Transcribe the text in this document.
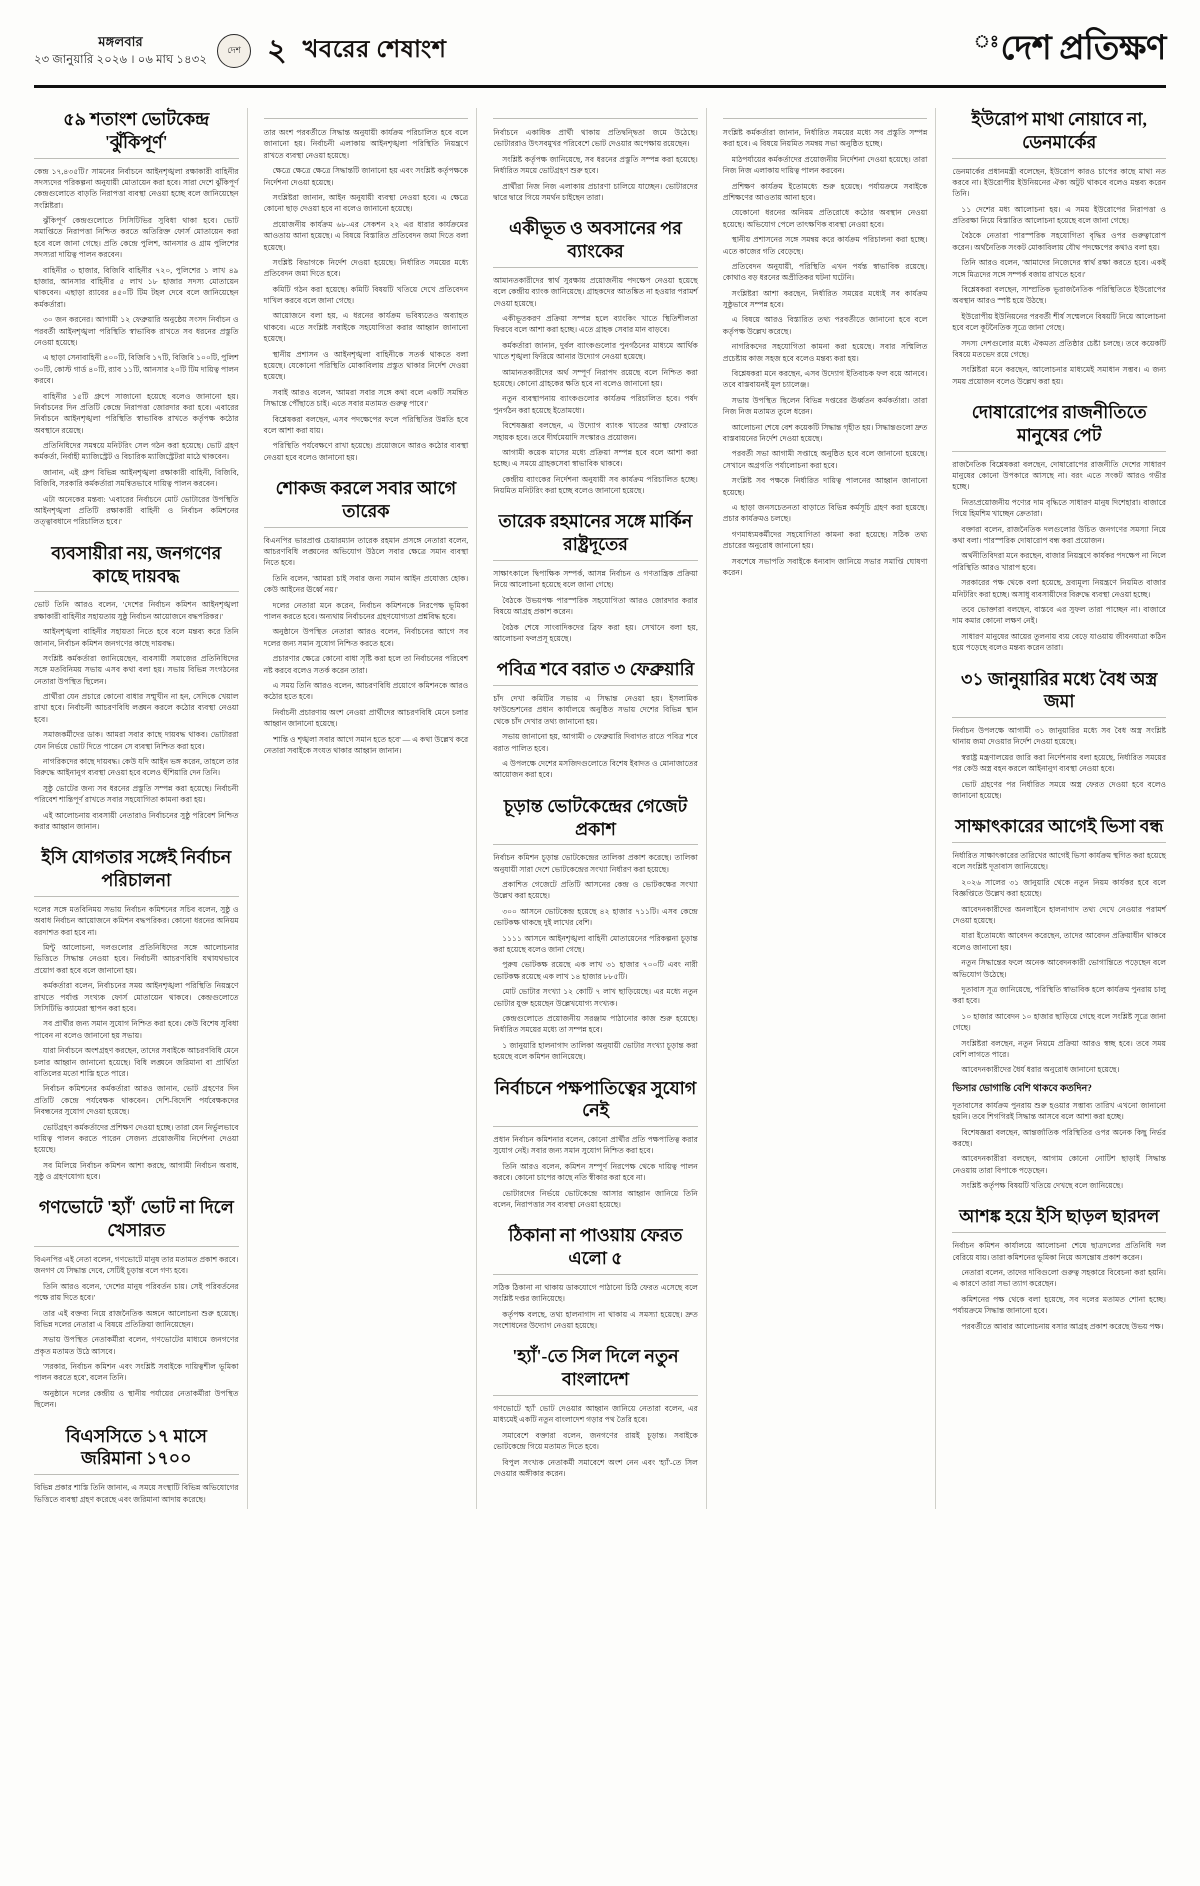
মঙ্গলবার
২৩ জানুয়ারি ২০২৬ । ০৬ মাঘ ১৪৩২
দেশ ২ খবরের শেষাংশ	ঃদেশ প্রতিক্ষণ
৫৯ শতাংশ ভোটকেন্দ্র 'ঝুঁকিপূর্ণ'

কেন্দ্র ১৭,৪৩৫টি।' সামনের নির্বাচনে আইনশৃঙ্খলা রক্ষাকারী বাহিনীর সদস্যদের পরিকল্পনা অনুযায়ী মোতায়েন করা হবে। সারা দেশে ঝুঁকিপূর্ণ কেন্দ্রগুলোতে বাড়তি নিরাপত্তা ব্যবস্থা নেওয়া হচ্ছে বলে জানিয়েছেন সংশ্লিষ্টরা।

ঝুঁকিপূর্ণ কেন্দ্রগুলোতে সিসিটিভির সুবিধা থাকা হবে। ভোট সমাপ্তিতে নিরাপত্তা নিশ্চিত করতে অতিরিক্ত ফোর্স মোতায়েন করা হবে বলে জানা গেছে। প্রতি কেন্দ্রে পুলিশ, আনসার ও গ্রাম পুলিশের সদস্যরা দায়িত্ব পালন করবেন।

বাহিনীর ৩ হাজার, বিজিবি বাহিনীর ৭২০, পুলিশের ১ লাখ ৪৯ হাজার, আনসার বাহিনীর ৫ লাখ ১৮ হাজার সদস্য মোতায়েন থাকবেন। এছাড়া র‌্যাবের ৪৫০টি টিম টহল দেবে বলে জানিয়েছেন কর্মকর্তারা।

৩০ জন করনের। আগামী ১২ ফেব্রুয়ারি অনুষ্ঠেয় সংসদ নির্বাচন ও পরবর্তী আইনশৃঙ্খলা পরিস্থিতি স্বাভাবিক রাখতে সব ধরনের প্রস্তুতি নেওয়া হয়েছে।

এ ছাড়া সেনাবাহিনী ৪০০টি, বিজিবি ১৭টি, বিজিবি ১০০টি, পুলিশ ৩০টি, কোস্ট গার্ড ৪০টি, র‌্যাব ১১টি, আনসার ২০টি টিম দায়িত্ব পালন করবে।

বাহিনীর ১৫টি গ্রুপে সাজানো হয়েছে বলেও জানানো হয়। নির্বাচনের দিন প্রতিটি কেন্দ্রে নিরাপত্তা জোরদার করা হবে। এবারের নির্বাচনে আইনশৃঙ্খলা পরিস্থিতি স্বাভাবিক রাখতে কর্তৃপক্ষ কঠোর অবস্থানে রয়েছে।

প্রতিনিধিদের সমন্বয়ে মনিটরিং সেল গঠন করা হয়েছে। ভোট গ্রহণ কর্মকর্তা, নির্বাহী ম্যাজিস্ট্রেট ও বিচারিক ম্যাজিস্ট্রেটরা মাঠে থাকবেন।

জানান, এই গ্রুপ বিভিন্ন আইনশৃঙ্খলা রক্ষাকারী বাহিনী, বিজিবি, বিজিবি, সরকারি কর্মকর্তারা সমন্বিতভাবে দায়িত্ব পালন করবেন।

এটা অনেকের মন্তব্য: 'এবারের নির্বাচনে মোট ভোটারের উপস্থিতি আইনশৃঙ্খলা প্রতিটি রক্ষাকারী বাহিনী ও নির্বাচন কমিশনের তত্ত্বাবধানে পরিচালিত হবে।'

ব্যবসায়ীরা নয়, জনগণের কাছে দায়বদ্ধ

ভোট তিনি আরও বলেন, 'দেশের নির্বাচন কমিশন আইনশৃঙ্খলা রক্ষাকারী বাহিনীর সহায়তায় সুষ্ঠু নির্বাচন আয়োজনে বদ্ধপরিকর।'

আইনশৃঙ্খলা বাহিনীর সহায়তা নিতে হবে বলে মন্তব্য করে তিনি জানান, নির্বাচন কমিশন জনগণের কাছে দায়বদ্ধ।

সংশ্লিষ্ট কর্মকর্তারা জানিয়েছেন, ব্যবসায়ী সমাজের প্রতিনিধিদের সঙ্গে মতবিনিময় সভায় এসব কথা বলা হয়। সভায় বিভিন্ন সংগঠনের নেতারা উপস্থিত ছিলেন।

প্রার্থীরা যেন প্রচারে কোনো বাধার সম্মুখীন না হন, সেদিকে খেয়াল রাখা হবে। নির্বাচনী আচরণবিধি লঙ্ঘন করলে কঠোর ব্যবস্থা নেওয়া হবে।

সমাজকর্মীদের ডাক। আমরা সবার কাছে দায়বদ্ধ থাকব। ভোটাররা যেন নির্ভয়ে ভোট দিতে পারেন সে ব্যবস্থা নিশ্চিত করা হবে।

নাগরিকদের কাছে দায়বদ্ধ। কেউ যদি আইন ভঙ্গ করেন, তাহলে তার বিরুদ্ধে আইনানুগ ব্যবস্থা নেওয়া হবে বলেও হুঁশিয়ারি দেন তিনি।

সুষ্ঠু ভোটের জন্য সব ধরনের প্রস্তুতি সম্পন্ন করা হয়েছে। নির্বাচনী পরিবেশ শান্তিপূর্ণ রাখতে সবার সহযোগিতা কামনা করা হয়।

এই আলোচনায় ব্যবসায়ী নেতারাও নির্বাচনের সুষ্ঠু পরিবেশ নিশ্চিত করার আহ্বান জানান।

ইসি যোগতার সঙ্গেই নির্বাচন পরিচালনা

দলের সঙ্গে মতবিনিময় সভায় নির্বাচন কমিশনের সচিব বলেন, সুষ্ঠু ও অবাধ নির্বাচন আয়োজনে কমিশন বদ্ধপরিকর। কোনো ধরনের অনিয়ম বরদাশত করা হবে না।

মিন্টু আলোচনা, দলগুলোর প্রতিনিধিদের সঙ্গে আলোচনার ভিত্তিতে সিদ্ধান্ত নেওয়া হবে। নির্বাচনী আচরণবিধি যথাযথভাবে প্রয়োগ করা হবে বলে জানানো হয়।

কর্মকর্তারা বলেন, নির্বাচনের সময় আইনশৃঙ্খলা পরিস্থিতি নিয়ন্ত্রণে রাখতে পর্যাপ্ত সংখ্যক ফোর্স মোতায়েন থাকবে। কেন্দ্রগুলোতে সিসিটিভি ক্যামেরা স্থাপন করা হবে।

সব প্রার্থীর জন্য সমান সুযোগ নিশ্চিত করা হবে। কেউ বিশেষ সুবিধা পাবেন না বলেও জানানো হয় সভায়।

যারা নির্বাচনে অংশগ্রহণ করছেন, তাদের সবাইকে আচরণবিধি মেনে চলার আহ্বান জানানো হয়েছে। বিধি লঙ্ঘনে জরিমানা বা প্রার্থিতা বাতিলের মতো শাস্তি হতে পারে।

নির্বাচন কমিশনের কর্মকর্তারা আরও জানান, ভোট গ্রহণের দিন প্রতিটি কেন্দ্রে পর্যবেক্ষক থাকবেন। দেশি-বিদেশি পর্যবেক্ষকদের নিবন্ধনের সুযোগ দেওয়া হয়েছে।

ভোটগ্রহণ কর্মকর্তাদের প্রশিক্ষণ দেওয়া হচ্ছে। তারা যেন নির্ভুলভাবে দায়িত্ব পালন করতে পারেন সেজন্য প্রয়োজনীয় নির্দেশনা দেওয়া হয়েছে।

সব মিলিয়ে নির্বাচন কমিশন আশা করছে, আগামী নির্বাচন অবাধ, সুষ্ঠু ও গ্রহণযোগ্য হবে।

গণভোটে 'হ্যাঁ' ভোট না দিলে খেসারত

বিএনপির এই নেতা বলেন, গণভোটে মানুষ তার মতামত প্রকাশ করবে। জনগণ যে সিদ্ধান্ত দেবে, সেটিই চূড়ান্ত বলে গণ্য হবে।

তিনি আরও বলেন, 'দেশের মানুষ পরিবর্তন চায়। সেই পরিবর্তনের পক্ষে রায় দিতে হবে।'

তার এই বক্তব্য নিয়ে রাজনৈতিক অঙ্গনে আলোচনা শুরু হয়েছে। বিভিন্ন দলের নেতারা এ বিষয়ে প্রতিক্রিয়া জানিয়েছেন।

সভায় উপস্থিত নেতাকর্মীরা বলেন, গণভোটের মাধ্যমে জনগণের প্রকৃত মতামত উঠে আসবে।

'সরকার, নির্বাচন কমিশন এবং সংশ্লিষ্ট সবাইকে দায়িত্বশীল ভূমিকা পালন করতে হবে', বলেন তিনি।

অনুষ্ঠানে দলের কেন্দ্রীয় ও স্থানীয় পর্যায়ের নেতাকর্মীরা উপস্থিত ছিলেন।

বিএসসিতে ১৭ মাসে জরিমানা ১৭০০

বিভিন্ন প্রকার শাস্তি তিনি জানান, এ সময়ে সংস্থাটি বিভিন্ন অভিযোগের ভিত্তিতে ব্যবস্থা গ্রহণ করেছে এবং জরিমানা আদায় করেছে।

তার অংশ পরবর্তীতে সিদ্ধান্ত অনুযায়ী কার্যক্রম পরিচালিত হবে বলে জানানো হয়। নির্বাচনী এলাকায় আইনশৃঙ্খলা পরিস্থিতি নিয়ন্ত্রণে রাখতে ব্যবস্থা নেওয়া হয়েছে।

ক্ষেত্রে ক্ষেত্রে ক্ষেত্রে সিদ্ধান্তটি জানানো হয় এবং সংশ্লিষ্ট কর্তৃপক্ষকে নির্দেশনা দেওয়া হয়েছে।

সংশ্লিষ্টরা জানান, আইন অনুযায়ী ব্যবস্থা নেওয়া হবে। এ ক্ষেত্রে কোনো ছাড় দেওয়া হবে না বলেও জানানো হয়েছে।

প্রয়োজনীয় কার্যক্রম ৬৮-এর সেকশন ২২ এর ধারার কার্যক্রমের আওতায় আনা হয়েছে। এ বিষয়ে বিস্তারিত প্রতিবেদন জমা দিতে বলা হয়েছে।

সংশ্লিষ্ট বিভাগকে নির্দেশ দেওয়া হয়েছে। নির্ধারিত সময়ের মধ্যে প্রতিবেদন জমা দিতে হবে।

কমিটি গঠন করা হয়েছে। কমিটি বিষয়টি খতিয়ে দেখে প্রতিবেদন দাখিল করবে বলে জানা গেছে।

আয়োজনে বলা হয়, এ ধরনের কার্যক্রম ভবিষ্যতেও অব্যাহত থাকবে। এতে সংশ্লিষ্ট সবাইকে সহযোগিতা করার আহ্বান জানানো হয়েছে।

স্থানীয় প্রশাসন ও আইনশৃঙ্খলা বাহিনীকে সতর্ক থাকতে বলা হয়েছে। যেকোনো পরিস্থিতি মোকাবিলায় প্রস্তুত থাকার নির্দেশ দেওয়া হয়েছে।

সবাই আরও বলেন, 'আমরা সবার সঙ্গে কথা বলে একটি সমন্বিত সিদ্ধান্তে পৌঁছাতে চাই। এতে সবার মতামত গুরুত্ব পাবে।'

বিশ্লেষকরা বলছেন, এসব পদক্ষেপের ফলে পরিস্থিতির উন্নতি হবে বলে আশা করা যায়।

পরিস্থিতি পর্যবেক্ষণে রাখা হয়েছে। প্রয়োজনে আরও কঠোর ব্যবস্থা নেওয়া হবে বলেও জানানো হয়।

শোকজ করলে সবার আগে তারেক

বিএনপির ভারপ্রাপ্ত চেয়ারম্যান তারেক রহমান প্রসঙ্গে নেতারা বলেন, আচরণবিধি লঙ্ঘনের অভিযোগ উঠলে সবার ক্ষেত্রে সমান ব্যবস্থা নিতে হবে।

তিনি বলেন, 'আমরা চাই সবার জন্য সমান আইন প্রযোজ্য হোক। কেউ আইনের ঊর্ধ্বে নয়।'

দলের নেতারা মনে করেন, নির্বাচন কমিশনকে নিরপেক্ষ ভূমিকা পালন করতে হবে। অন্যথায় নির্বাচনের গ্রহণযোগ্যতা প্রশ্নবিদ্ধ হবে।

অনুষ্ঠানে উপস্থিত নেতারা আরও বলেন, নির্বাচনের আগে সব দলের জন্য সমান সুযোগ নিশ্চিত করতে হবে।

প্রচারণার ক্ষেত্রে কোনো বাধা সৃষ্টি করা হলে তা নির্বাচনের পরিবেশ নষ্ট করবে বলেও সতর্ক করেন তারা।

এ সময় তিনি আরও বলেন, আচরণবিধি প্রয়োগে কমিশনকে আরও কঠোর হতে হবে।

নির্বাচনী প্রচারণায় অংশ নেওয়া প্রার্থীদের আচরণবিধি মেনে চলার আহ্বান জানানো হয়েছে।

'শান্তি ও শৃঙ্খলা সবার আগে সমান হতে হবে' — এ কথা উল্লেখ করে নেতারা সবাইকে সংযত থাকার আহ্বান জানান।

নির্বাচনে একাধিক প্রার্থী থাকায় প্রতিদ্বন্দ্বিতা জমে উঠেছে। ভোটাররাও উৎসবমুখর পরিবেশে ভোট দেওয়ার অপেক্ষায় রয়েছেন।

সংশ্লিষ্ট কর্তৃপক্ষ জানিয়েছে, সব ধরনের প্রস্তুতি সম্পন্ন করা হয়েছে। নির্ধারিত সময়ে ভোটগ্রহণ শুরু হবে।

প্রার্থীরা নিজ নিজ এলাকায় প্রচারণা চালিয়ে যাচ্ছেন। ভোটারদের দ্বারে দ্বারে গিয়ে সমর্থন চাইছেন তারা।

একীভূত ও অবসানের পর ব্যাংকের

আমানতকারীদের স্বার্থ সুরক্ষায় প্রয়োজনীয় পদক্ষেপ নেওয়া হয়েছে বলে কেন্দ্রীয় ব্যাংক জানিয়েছে। গ্রাহকদের আতঙ্কিত না হওয়ার পরামর্শ দেওয়া হয়েছে।

একীভূতকরণ প্রক্রিয়া সম্পন্ন হলে ব্যাংকিং খাতে স্থিতিশীলতা ফিরবে বলে আশা করা হচ্ছে। এতে গ্রাহক সেবার মান বাড়বে।

কর্মকর্তারা জানান, দুর্বল ব্যাংকগুলোর পুনর্গঠনের মাধ্যমে আর্থিক খাতে শৃঙ্খলা ফিরিয়ে আনার উদ্যোগ নেওয়া হয়েছে।

আমানতকারীদের অর্থ সম্পূর্ণ নিরাপদ রয়েছে বলে নিশ্চিত করা হয়েছে। কোনো গ্রাহকের ক্ষতি হবে না বলেও জানানো হয়।

নতুন ব্যবস্থাপনায় ব্যাংকগুলোর কার্যক্রম পরিচালিত হবে। পর্ষদ পুনর্গঠন করা হয়েছে ইতোমধ্যে।

বিশেষজ্ঞরা বলছেন, এ উদ্যোগ ব্যাংক খাতের আস্থা ফেরাতে সহায়ক হবে। তবে দীর্ঘমেয়াদি সংস্কারও প্রয়োজন।

আগামী কয়েক মাসের মধ্যে প্রক্রিয়া সম্পন্ন হবে বলে আশা করা হচ্ছে। এ সময়ে গ্রাহকসেবা স্বাভাবিক থাকবে।

কেন্দ্রীয় ব্যাংকের নির্দেশনা অনুযায়ী সব কার্যক্রম পরিচালিত হচ্ছে। নিয়মিত মনিটরিং করা হচ্ছে বলেও জানানো হয়েছে।

তারেক রহমানের সঙ্গে মার্কিন রাষ্ট্রদূতের

সাক্ষাৎকালে দ্বিপাক্ষিক সম্পর্ক, আসন্ন নির্বাচন ও গণতান্ত্রিক প্রক্রিয়া নিয়ে আলোচনা হয়েছে বলে জানা গেছে।

বৈঠকে উভয়পক্ষ পারস্পরিক সহযোগিতা আরও জোরদার করার বিষয়ে আগ্রহ প্রকাশ করেন।

বৈঠক শেষে সাংবাদিকদের ব্রিফ করা হয়। সেখানে বলা হয়, আলোচনা ফলপ্রসূ হয়েছে।

পবিত্র শবে বরাত ৩ ফেব্রুয়ারি

চাঁদ দেখা কমিটির সভায় এ সিদ্ধান্ত নেওয়া হয়। ইসলামিক ফাউন্ডেশনের প্রধান কার্যালয়ে অনুষ্ঠিত সভায় দেশের বিভিন্ন স্থান থেকে চাঁদ দেখার তথ্য জানানো হয়।

সভায় জানানো হয়, আগামী ৩ ফেব্রুয়ারি দিবাগত রাতে পবিত্র শবে বরাত পালিত হবে।

এ উপলক্ষে দেশের মসজিদগুলোতে বিশেষ ইবাদত ও মোনাজাতের আয়োজন করা হবে।

চূড়ান্ত ভোটকেন্দ্রের গেজেট প্রকাশ

নির্বাচন কমিশন চূড়ান্ত ভোটকেন্দ্রের তালিকা প্রকাশ করেছে। তালিকা অনুযায়ী সারা দেশে ভোটকেন্দ্রের সংখ্যা নির্ধারণ করা হয়েছে।

প্রকাশিত গেজেটে প্রতিটি আসনের কেন্দ্র ও ভোটকক্ষের সংখ্যা উল্লেখ করা হয়েছে।

৩০০ আসনে ভোটকেন্দ্র হয়েছে ৪২ হাজার ৭১১টি। এসব কেন্দ্রে ভোটকক্ষ থাকছে দুই লাখের বেশি।

১১১১ আসনে আইনশৃঙ্খলা বাহিনী মোতায়েনের পরিকল্পনা চূড়ান্ত করা হয়েছে বলেও জানা গেছে।

পুরুষ ভোটকক্ষ রয়েছে এক লাখ ৩১ হাজার ৭০০টি এবং নারী ভোটকক্ষ রয়েছে এক লাখ ১৪ হাজার ৮৮৫টি।

মোট ভোটার সংখ্যা ১২ কোটি ৭ লাখ ছাড়িয়েছে। এর মধ্যে নতুন ভোটার যুক্ত হয়েছেন উল্লেখযোগ্য সংখ্যক।

কেন্দ্রগুলোতে প্রয়োজনীয় সরঞ্জাম পাঠানোর কাজ শুরু হয়েছে। নির্ধারিত সময়ের মধ্যে তা সম্পন্ন হবে।

১ জানুয়ারি হালনাগাদ তালিকা অনুযায়ী ভোটার সংখ্যা চূড়ান্ত করা হয়েছে বলে কমিশন জানিয়েছে।

নির্বাচনে পক্ষপাতিত্বের সুযোগ নেই

প্রধান নির্বাচন কমিশনার বলেন, কোনো প্রার্থীর প্রতি পক্ষপাতিত্ব করার সুযোগ নেই। সবার জন্য সমান সুযোগ নিশ্চিত করা হবে।

তিনি আরও বলেন, কমিশন সম্পূর্ণ নিরপেক্ষ থেকে দায়িত্ব পালন করবে। কোনো চাপের কাছে নতি স্বীকার করা হবে না।

ভোটারদের নির্ভয়ে ভোটকেন্দ্রে আসার আহ্বান জানিয়ে তিনি বলেন, নিরাপত্তার সব ব্যবস্থা নেওয়া হয়েছে।

ঠিকানা না পাওয়ায় ফেরত এলো ৫

সঠিক ঠিকানা না থাকায় ডাকযোগে পাঠানো চিঠি ফেরত এসেছে বলে সংশ্লিষ্ট দপ্তর জানিয়েছে।

কর্তৃপক্ষ বলছে, তথ্য হালনাগাদ না থাকায় এ সমস্যা হয়েছে। দ্রুত সংশোধনের উদ্যোগ নেওয়া হয়েছে।

'হ্যাঁ'-তে সিল দিলে নতুন বাংলাদেশ

গণভোটে 'হ্যাঁ' ভোট দেওয়ার আহ্বান জানিয়ে নেতারা বলেন, এর মাধ্যমেই একটি নতুন বাংলাদেশ গড়ার পথ তৈরি হবে।

সমাবেশে বক্তারা বলেন, জনগণের রায়ই চূড়ান্ত। সবাইকে ভোটকেন্দ্রে গিয়ে মতামত দিতে হবে।

বিপুল সংখ্যক নেতাকর্মী সমাবেশে অংশ নেন এবং 'হ্যাঁ'-তে সিল দেওয়ার অঙ্গীকার করেন।

সংশ্লিষ্ট কর্মকর্তারা জানান, নির্ধারিত সময়ের মধ্যে সব প্রস্তুতি সম্পন্ন করা হবে। এ বিষয়ে নিয়মিত সমন্বয় সভা অনুষ্ঠিত হচ্ছে।

মাঠপর্যায়ের কর্মকর্তাদের প্রয়োজনীয় নির্দেশনা দেওয়া হয়েছে। তারা নিজ নিজ এলাকায় দায়িত্ব পালন করবেন।

প্রশিক্ষণ কার্যক্রম ইতোমধ্যে শুরু হয়েছে। পর্যায়ক্রমে সবাইকে প্রশিক্ষণের আওতায় আনা হবে।

যেকোনো ধরনের অনিয়ম প্রতিরোধে কঠোর অবস্থান নেওয়া হয়েছে। অভিযোগ পেলে তাৎক্ষণিক ব্যবস্থা নেওয়া হবে।

স্থানীয় প্রশাসনের সঙ্গে সমন্বয় করে কার্যক্রম পরিচালনা করা হচ্ছে। এতে কাজের গতি বেড়েছে।

প্রতিবেদন অনুযায়ী, পরিস্থিতি এখন পর্যন্ত স্বাভাবিক রয়েছে। কোথাও বড় ধরনের অপ্রীতিকর ঘটনা ঘটেনি।

সংশ্লিষ্টরা আশা করছেন, নির্ধারিত সময়ের মধ্যেই সব কার্যক্রম সুষ্ঠুভাবে সম্পন্ন হবে।

এ বিষয়ে আরও বিস্তারিত তথ্য পরবর্তীতে জানানো হবে বলে কর্তৃপক্ষ উল্লেখ করেছে।

নাগরিকদের সহযোগিতা কামনা করা হয়েছে। সবার সম্মিলিত প্রচেষ্টায় কাজ সহজ হবে বলেও মন্তব্য করা হয়।

বিশ্লেষকরা মনে করছেন, এসব উদ্যোগ ইতিবাচক ফল বয়ে আনবে। তবে বাস্তবায়নই মূল চ্যালেঞ্জ।

সভায় উপস্থিত ছিলেন বিভিন্ন দপ্তরের ঊর্ধ্বতন কর্মকর্তারা। তারা নিজ নিজ মতামত তুলে ধরেন।

আলোচনা শেষে বেশ কয়েকটি সিদ্ধান্ত গৃহীত হয়। সিদ্ধান্তগুলো দ্রুত বাস্তবায়নের নির্দেশ দেওয়া হয়েছে।

পরবর্তী সভা আগামী সপ্তাহে অনুষ্ঠিত হবে বলে জানানো হয়েছে। সেখানে অগ্রগতি পর্যালোচনা করা হবে।

সংশ্লিষ্ট সব পক্ষকে নির্ধারিত দায়িত্ব পালনের আহ্বান জানানো হয়েছে।

এ ছাড়া জনসচেতনতা বাড়াতে বিভিন্ন কর্মসূচি গ্রহণ করা হয়েছে। প্রচার কার্যক্রমও চলছে।

গণমাধ্যমকর্মীদের সহযোগিতা কামনা করা হয়েছে। সঠিক তথ্য প্রচারের অনুরোধ জানানো হয়।

সবশেষে সভাপতি সবাইকে ধন্যবাদ জানিয়ে সভার সমাপ্তি ঘোষণা করেন।

ইউরোপ মাথা নোয়াবে না, ডেনমার্কের

ডেনমার্কের প্রধানমন্ত্রী বলেছেন, ইউরোপ কারও চাপের কাছে মাথা নত করবে না। ইউরোপীয় ইউনিয়নের ঐক্য অটুট থাকবে বলেও মন্তব্য করেন তিনি।

১১ দেশের মধ্য আলোচনা হয়। এ সময় ইউরোপের নিরাপত্তা ও প্রতিরক্ষা নিয়ে বিস্তারিত আলোচনা হয়েছে বলে জানা গেছে।

বৈঠকে নেতারা পারস্পরিক সহযোগিতা বৃদ্ধির ওপর গুরুত্বারোপ করেন। অর্থনৈতিক সংকট মোকাবিলায় যৌথ পদক্ষেপের কথাও বলা হয়।

তিনি আরও বলেন, 'আমাদের নিজেদের স্বার্থ রক্ষা করতে হবে। একই সঙ্গে মিত্রদের সঙ্গে সম্পর্ক বজায় রাখতে হবে।'

বিশ্লেষকরা বলছেন, সাম্প্রতিক ভূরাজনৈতিক পরিস্থিতিতে ইউরোপের অবস্থান আরও স্পষ্ট হয়ে উঠছে।

ইউরোপীয় ইউনিয়নের পরবর্তী শীর্ষ সম্মেলনে বিষয়টি নিয়ে আলোচনা হবে বলে কূটনৈতিক সূত্রে জানা গেছে।

সদস্য দেশগুলোর মধ্যে ঐকমত্য প্রতিষ্ঠার চেষ্টা চলছে। তবে কয়েকটি বিষয়ে মতভেদ রয়ে গেছে।

সংশ্লিষ্টরা মনে করছেন, আলোচনার মাধ্যমেই সমাধান সম্ভব। এ জন্য সময় প্রয়োজন বলেও উল্লেখ করা হয়।

দোষারোপের রাজনীতিতে মানুষের পেট

রাজনৈতিক বিশ্লেষকরা বলছেন, দোষারোপের রাজনীতি দেশের সাধারণ মানুষের কোনো উপকারে আসছে না। বরং এতে সংকট আরও গভীর হচ্ছে।

নিত্যপ্রয়োজনীয় পণ্যের দাম বৃদ্ধিতে সাধারণ মানুষ দিশেহারা। বাজারে গিয়ে হিমশিম খাচ্ছেন ক্রেতারা।

বক্তারা বলেন, রাজনৈতিক দলগুলোর উচিত জনগণের সমস্যা নিয়ে কথা বলা। পারস্পরিক দোষারোপ বন্ধ করা প্রয়োজন।

অর্থনীতিবিদরা মনে করছেন, বাজার নিয়ন্ত্রণে কার্যকর পদক্ষেপ না নিলে পরিস্থিতি আরও খারাপ হবে।

সরকারের পক্ষ থেকে বলা হয়েছে, দ্রব্যমূল্য নিয়ন্ত্রণে নিয়মিত বাজার মনিটরিং করা হচ্ছে। অসাধু ব্যবসায়ীদের বিরুদ্ধে ব্যবস্থা নেওয়া হচ্ছে।

তবে ভোক্তারা বলছেন, বাস্তবে এর সুফল তারা পাচ্ছেন না। বাজারে দাম কমার কোনো লক্ষণ নেই।

সাধারণ মানুষের আয়ের তুলনায় ব্যয় বেড়ে যাওয়ায় জীবনযাত্রা কঠিন হয়ে পড়েছে বলেও মন্তব্য করেন তারা।

৩১ জানুয়ারির মধ্যে বৈধ অস্ত্র জমা

নির্বাচন উপলক্ষে আগামী ৩১ জানুয়ারির মধ্যে সব বৈধ অস্ত্র সংশ্লিষ্ট থানায় জমা দেওয়ার নির্দেশ দেওয়া হয়েছে।

স্বরাষ্ট্র মন্ত্রণালয়ের জারি করা নির্দেশনায় বলা হয়েছে, নির্ধারিত সময়ের পর কেউ অস্ত্র বহন করলে আইনানুগ ব্যবস্থা নেওয়া হবে।

ভোট গ্রহণের পর নির্ধারিত সময়ে অস্ত্র ফেরত দেওয়া হবে বলেও জানানো হয়েছে।

সাক্ষাৎকারের আগেই ভিসা বন্ধ

নির্ধারিত সাক্ষাৎকারের তারিখের আগেই ভিসা কার্যক্রম স্থগিত করা হয়েছে বলে সংশ্লিষ্ট দূতাবাস জানিয়েছে।

২০২৬ সালের ৩১ জানুয়ারি থেকে নতুন নিয়ম কার্যকর হবে বলে বিজ্ঞপ্তিতে উল্লেখ করা হয়েছে।

আবেদনকারীদের অনলাইনে হালনাগাদ তথ্য দেখে নেওয়ার পরামর্শ দেওয়া হয়েছে।

যারা ইতোমধ্যে আবেদন করেছেন, তাদের আবেদন প্রক্রিয়াধীন থাকবে বলেও জানানো হয়।

নতুন সিদ্ধান্তের ফলে অনেক আবেদনকারী ভোগান্তিতে পড়েছেন বলে অভিযোগ উঠেছে।

দূতাবাস সূত্র জানিয়েছে, পরিস্থিতি স্বাভাবিক হলে কার্যক্রম পুনরায় চালু করা হবে।

১০ হাজার আবেদন ১০ হাজার ছাড়িয়ে গেছে বলে সংশ্লিষ্ট সূত্রে জানা গেছে।

সংশ্লিষ্টরা বলছেন, নতুন নিয়মে প্রক্রিয়া আরও স্বচ্ছ হবে। তবে সময় বেশি লাগতে পারে।

আবেদনকারীদের ধৈর্য ধরার অনুরোধ জানানো হয়েছে।

ভিসার ভোগান্তি বেশি থাকবে কতদিন?

দূতাবাসের কার্যক্রম পুনরায় শুরু হওয়ার সম্ভাব্য তারিখ এখনো জানানো হয়নি। তবে শিগগিরই সিদ্ধান্ত আসবে বলে আশা করা হচ্ছে।

বিশেষজ্ঞরা বলছেন, আন্তর্জাতিক পরিস্থিতির ওপর অনেক কিছু নির্ভর করছে।

আবেদনকারীরা বলছেন, আগাম কোনো নোটিশ ছাড়াই সিদ্ধান্ত নেওয়ায় তারা বিপাকে পড়েছেন।

সংশ্লিষ্ট কর্তৃপক্ষ বিষয়টি খতিয়ে দেখছে বলে জানিয়েছে।

আশঙ্ক হয়ে ইসি ছাড়ল ছারদল

নির্বাচন কমিশন কার্যালয়ে আলোচনা শেষে ছাত্রদলের প্রতিনিধি দল বেরিয়ে যায়। তারা কমিশনের ভূমিকা নিয়ে অসন্তোষ প্রকাশ করেন।

নেতারা বলেন, তাদের দাবিগুলো গুরুত্ব সহকারে বিবেচনা করা হয়নি। এ কারণে তারা সভা ত্যাগ করেছেন।

কমিশনের পক্ষ থেকে বলা হয়েছে, সব দলের মতামত শোনা হচ্ছে। পর্যায়ক্রমে সিদ্ধান্ত জানানো হবে।

পরবর্তীতে আবার আলোচনায় বসার আগ্রহ প্রকাশ করেছে উভয় পক্ষ।
